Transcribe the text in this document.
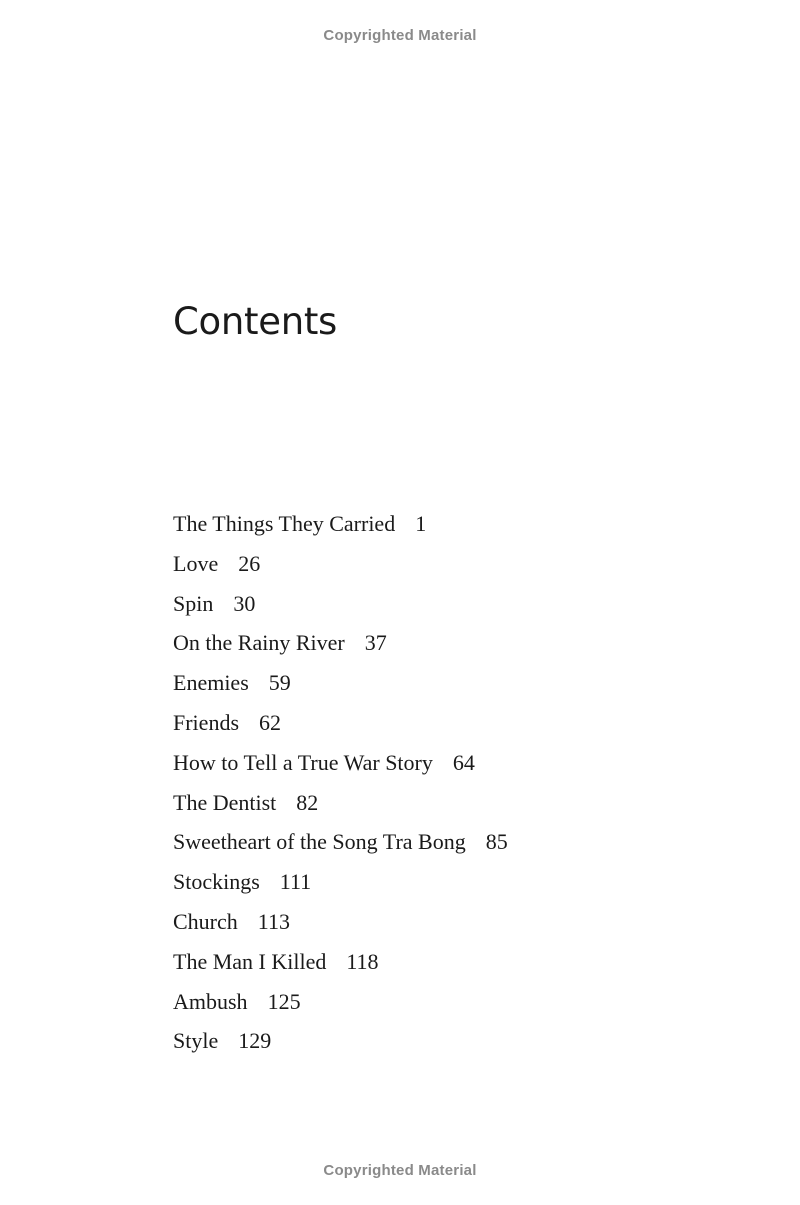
Copyrighted Material
Contents
The Things They Carried 1
Love 26
Spin 30
On the Rainy River 37
Enemies 59
Friends 62
How to Tell a True War Story 64
The Dentist 82
Sweetheart of the Song Tra Bong 85
Stockings 111
Church 113
The Man I Killed 118
Ambush 125
Style 129
Copyrighted Material
